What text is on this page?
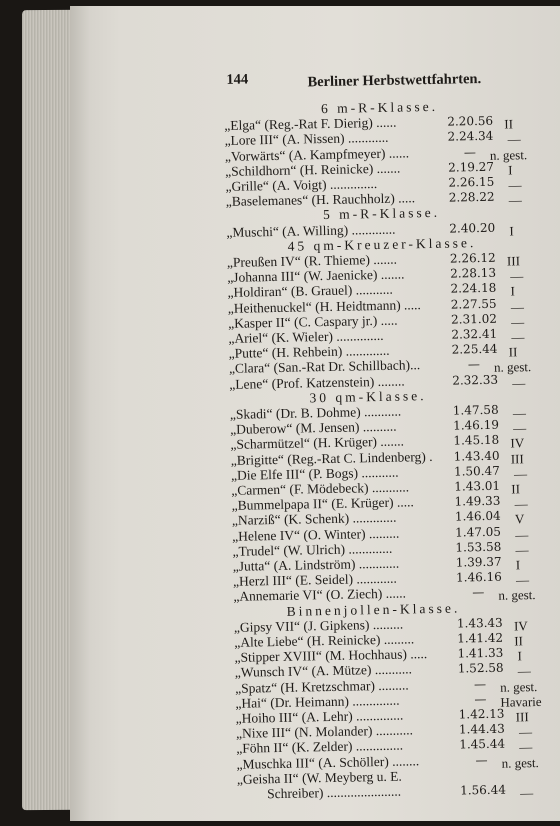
144	Berliner Herbstwettfahrten.
6 m-R-Klasse.
„Elga“ (Reg.-Rat F. Dierig) ......	2.20.56 II
„Lore III“ (A. Nissen) ............	2.24.34 —
„Vorwärts“ (A. Kampfmeyer) ......	— n. gest.
„Schildhorn“ (H. Reinicke) .......	2.19.27 I
„Grille“ (A. Voigt) ..............	2.26.15 —
„Baselemanes“ (H. Rauchholz) .....	2.28.22 —
5 m-R-Klasse.
„Muschi“ (A. Willing) .............	2.40.20 I
45 qm-Kreuzer-Klasse.
„Preußen IV“ (R. Thieme) .......	2.26.12 III
„Johanna III“ (W. Jaenicke) .......	2.28.13 —
„Holdiran“ (B. Grauel) ...........	2.24.18 I
„Heithenuckel“ (H. Heidtmann) ..... 2.27.55 —
„Kasper II“ (C. Caspary jr.) .....	2.31.02 —
„Ariel“ (K. Wieler) ..............	2.32.41 —
„Putte“ (H. Rehbein) .............	2.25.44 II
„Clara“ (San.-Rat Dr. Schillbach)...	— n. gest.
„Lene“ (Prof. Katzenstein) ........	2.32.33 —
30 qm-Klasse.
„Skadi“ (Dr. B. Dohme) ...........	1.47.58 —
„Duberow“ (M. Jensen) ..........	1.46.19 —
„Scharmützel“ (H. Krüger) .......	1.45.18 IV
„Brigitte“ (Reg.-Rat C. Lindenberg) . 1.43.40 III
„Die Elfe III“ (P. Bogs) ...........	1.50.47 —
„Carmen“ (F. Mödebeck) ...........	1.43.01 II
„Bummelpapa II“ (E. Krüger) .....	1.49.33 —
„Narziß“ (K. Schenk) .............	1.46.04 V
„Helene IV“ (O. Winter) .........	1.47.05 —
„Trudel“ (W. Ulrich) .............	1.53.58 —
„Jutta“ (A. Lindström) ............	1.39.37 I
„Herzl III“ (E. Seidel) ............	1.46.16 —
„Annemarie VI“ (O. Ziech) ......	— n. gest.
Binnenjollen-Klasse.
„Gipsy VII“ (J. Gipkens) .........	1.43.43 IV
„Alte Liebe“ (H. Reinicke) .........	1.41.42 II
„Stipper XVIII“ (M. Hochhaus) .....	1.41.33 I
„Wunsch IV“ (A. Mütze) ...........	1.52.58 —
„Spatz“ (H. Kretzschmar) .........	— n. gest.
„Hai“ (Dr. Heimann) ..............	— Havarie
„Hoiho III“ (A. Lehr) ..............	1.42.13 III
„Nixe III“ (N. Molander) ...........	1.44.43 —
„Föhn II“ (K. Zelder) ..............	1.45.44 —
„Muschka III“ (A. Schöller) ........	— n. gest.
„Geisha II“ (W. Meyberg u. E.
Schreiber) ......................	1.56.44 —
